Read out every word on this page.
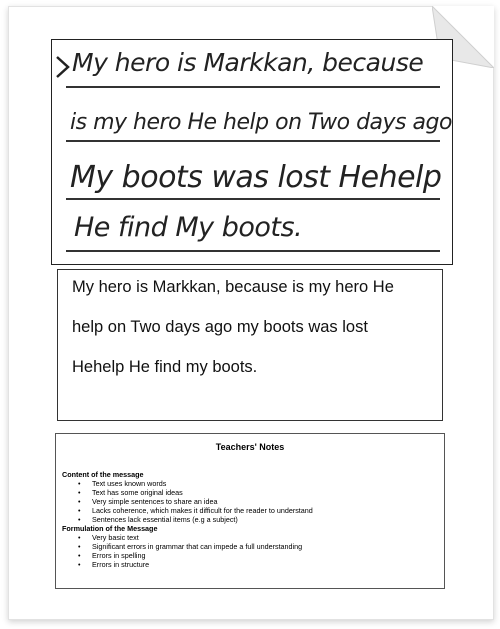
My hero is Markkan, because
is my hero He help on Two days ago
My boots was lost Hehelp
He find My boots.
My hero is Markkan, because is my hero He
help on Two days ago my boots was lost
Hehelp He find my boots.
Teachers' Notes
Content of the message
• Text uses known words
• Text has some original ideas
• Very simple sentences to share an idea
• Lacks coherence, which makes it difficult for the reader to understand
• Sentences lack essential items (e.g a subject)
Formulation of the Message
• Very basic text
• Significant errors in grammar that can impede a full understanding
• Errors in spelling
• Errors in structure
